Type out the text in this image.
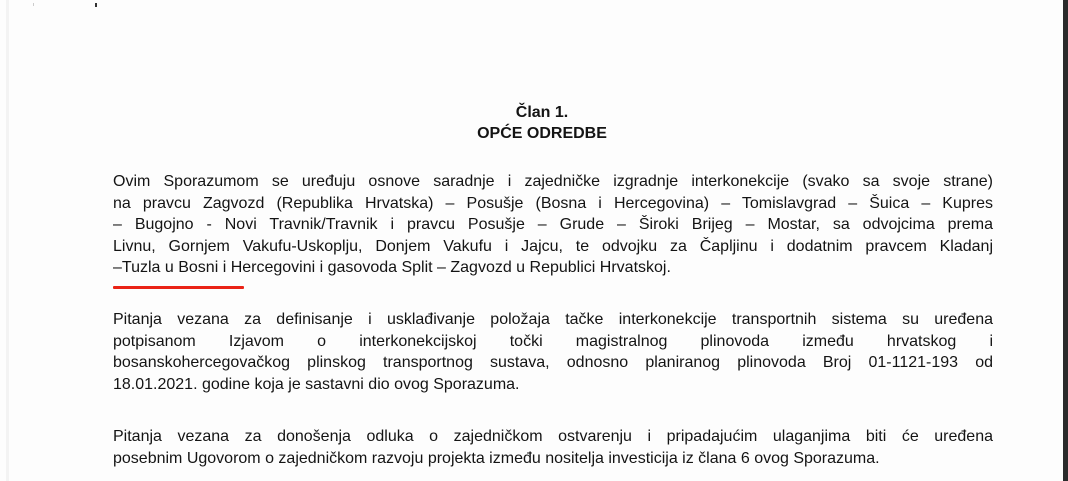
Član 1.
OPĆE ODREDBE
Ovim Sporazumom se uređuju osnove saradnje i zajedničke izgradnje interkonekcije (svako sa svoje strane)
na pravcu Zagvozd (Republika Hrvatska) – Posušje (Bosna i Hercegovina) – Tomislavgrad – Šuica – Kupres
– Bugojno - Novi Travnik/Travnik i pravcu Posušje – Grude – Široki Brijeg – Mostar, sa odvojcima prema
Livnu, Gornjem Vakufu-Uskoplju, Donjem Vakufu i Jajcu, te odvojku za Čapljinu i dodatnim pravcem Kladanj
–Tuzla u Bosni i Hercegovini i gasovoda Split – Zagvozd u Republici Hrvatskoj.
Pitanja vezana za definisanje i usklađivanje položaja tačke interkonekcije transportnih sistema su uređena
potpisanom Izjavom o interkonekcijskoj točki magistralnog plinovoda između hrvatskog i
bosanskohercegovačkog plinskog transportnog sustava, odnosno planiranog plinovoda Broj 01-1121-193 od
18.01.2021. godine koja je sastavni dio ovog Sporazuma.
Pitanja vezana za donošenja odluka o zajedničkom ostvarenju i pripadajućim ulaganjima biti će uređena
posebnim Ugovorom o zajedničkom razvoju projekta između nositelja investicija iz člana 6 ovog Sporazuma.
